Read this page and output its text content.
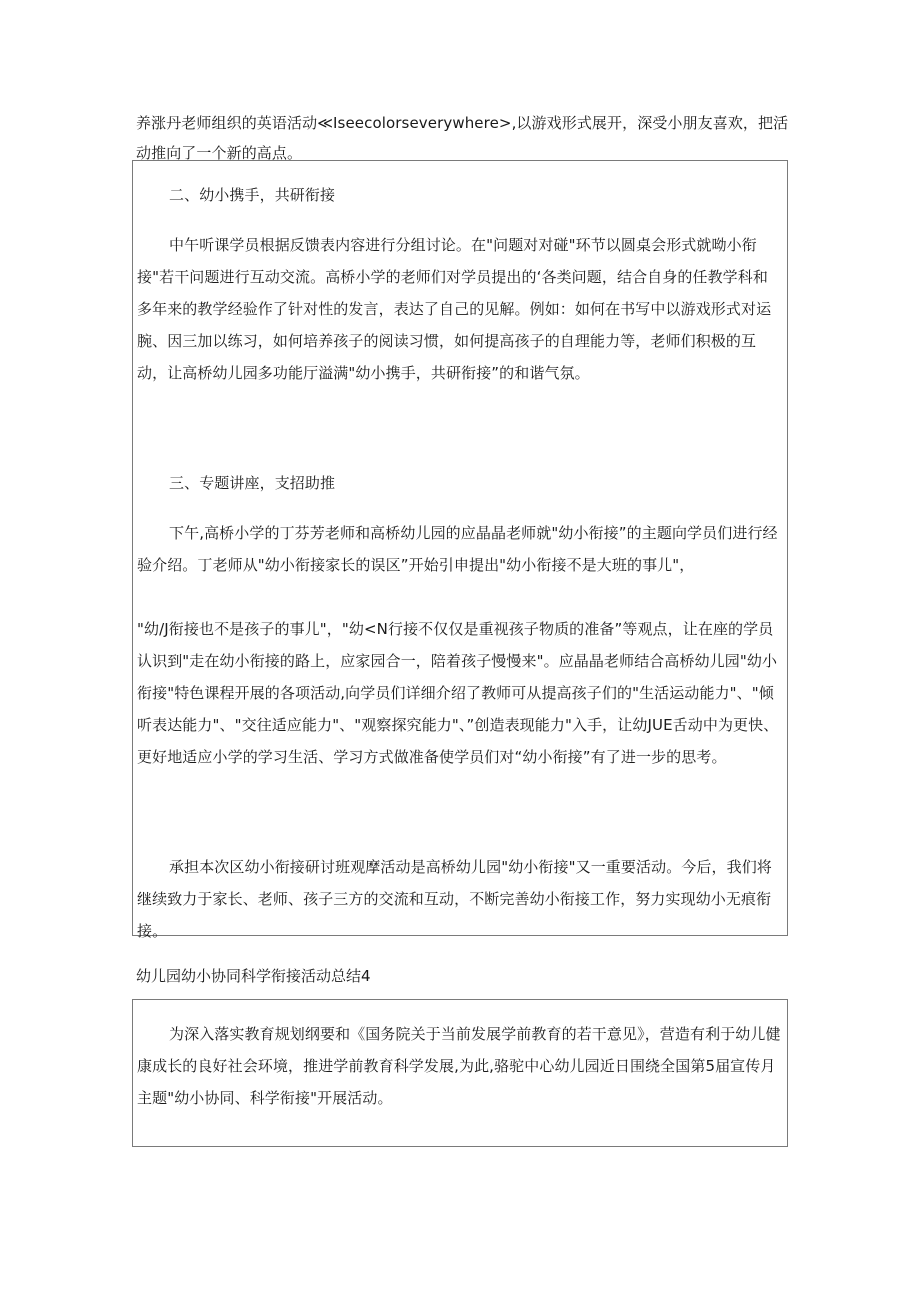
养涨丹老师组织的英语活动≪Iseecolorseverywhere>,以游戏形式展开，深受小朋友喜欢，把活动推向了一个新的高点。

二、幼小携手，共研衔接

中午听课学员根据反馈表内容进行分组讨论。在"问题对对碰"环节以圆桌会形式就呦小衔接"若干问题进行互动交流。高桥小学的老师们对学员提出的‘各类问题，结合自身的任教学科和多年来的教学经验作了针对性的发言，表达了自己的见解。例如：如何在书写中以游戏形式对运腕、因三加以练习，如何培养孩子的阅读习惯，如何提高孩子的自理能力等，老师们积极的互动，让高桥幼儿园多功能厅溢满"幼小携手，共研衔接”的和谐气氛。

三、专题讲座，支招助推

下午,高桥小学的丁芬芳老师和高桥幼儿园的应晶晶老师就"幼小衔接”的主题向学员们进行经验介绍。丁老师从"幼小衔接家长的误区”开始引申提出"幼小衔接不是大班的事儿"，

"幼/J衔接也不是孩子的事儿"，"幼<N行接不仅仅是重视孩子物质的准备”等观点，让在座的学员认识到"走在幼小衔接的路上，应家园合一，陪着孩子慢慢来"。应晶晶老师结合高桥幼儿园"幼小衔接"特色课程开展的各项活动,向学员们详细介绍了教师可从提高孩子们的"生活运动能力"、"倾听表达能力"、"交往适应能力"、"观察探究能力"、”创造表现能力"入手，让幼JUE舌动中为更快、更好地适应小学的学习生活、学习方式做准备使学员们对“幼小衔接”有了进一步的思考。

承担本次区幼小衔接研讨班观摩活动是高桥幼儿园"幼小衔接"又一重要活动。今后，我们将继续致力于家长、老师、孩子三方的交流和互动，不断完善幼小衔接工作，努力实现幼小无痕衔接。

幼儿园幼小协同科学衔接活动总结4

为深入落实教育规划纲要和《国务院关于当前发展学前教育的若干意见》，营造有利于幼儿健康成长的良好社会环境，推进学前教育科学发展,为此,骆驼中心幼儿园近日围绕全国第5届宣传月主题"幼小协同、科学衔接"开展活动。
